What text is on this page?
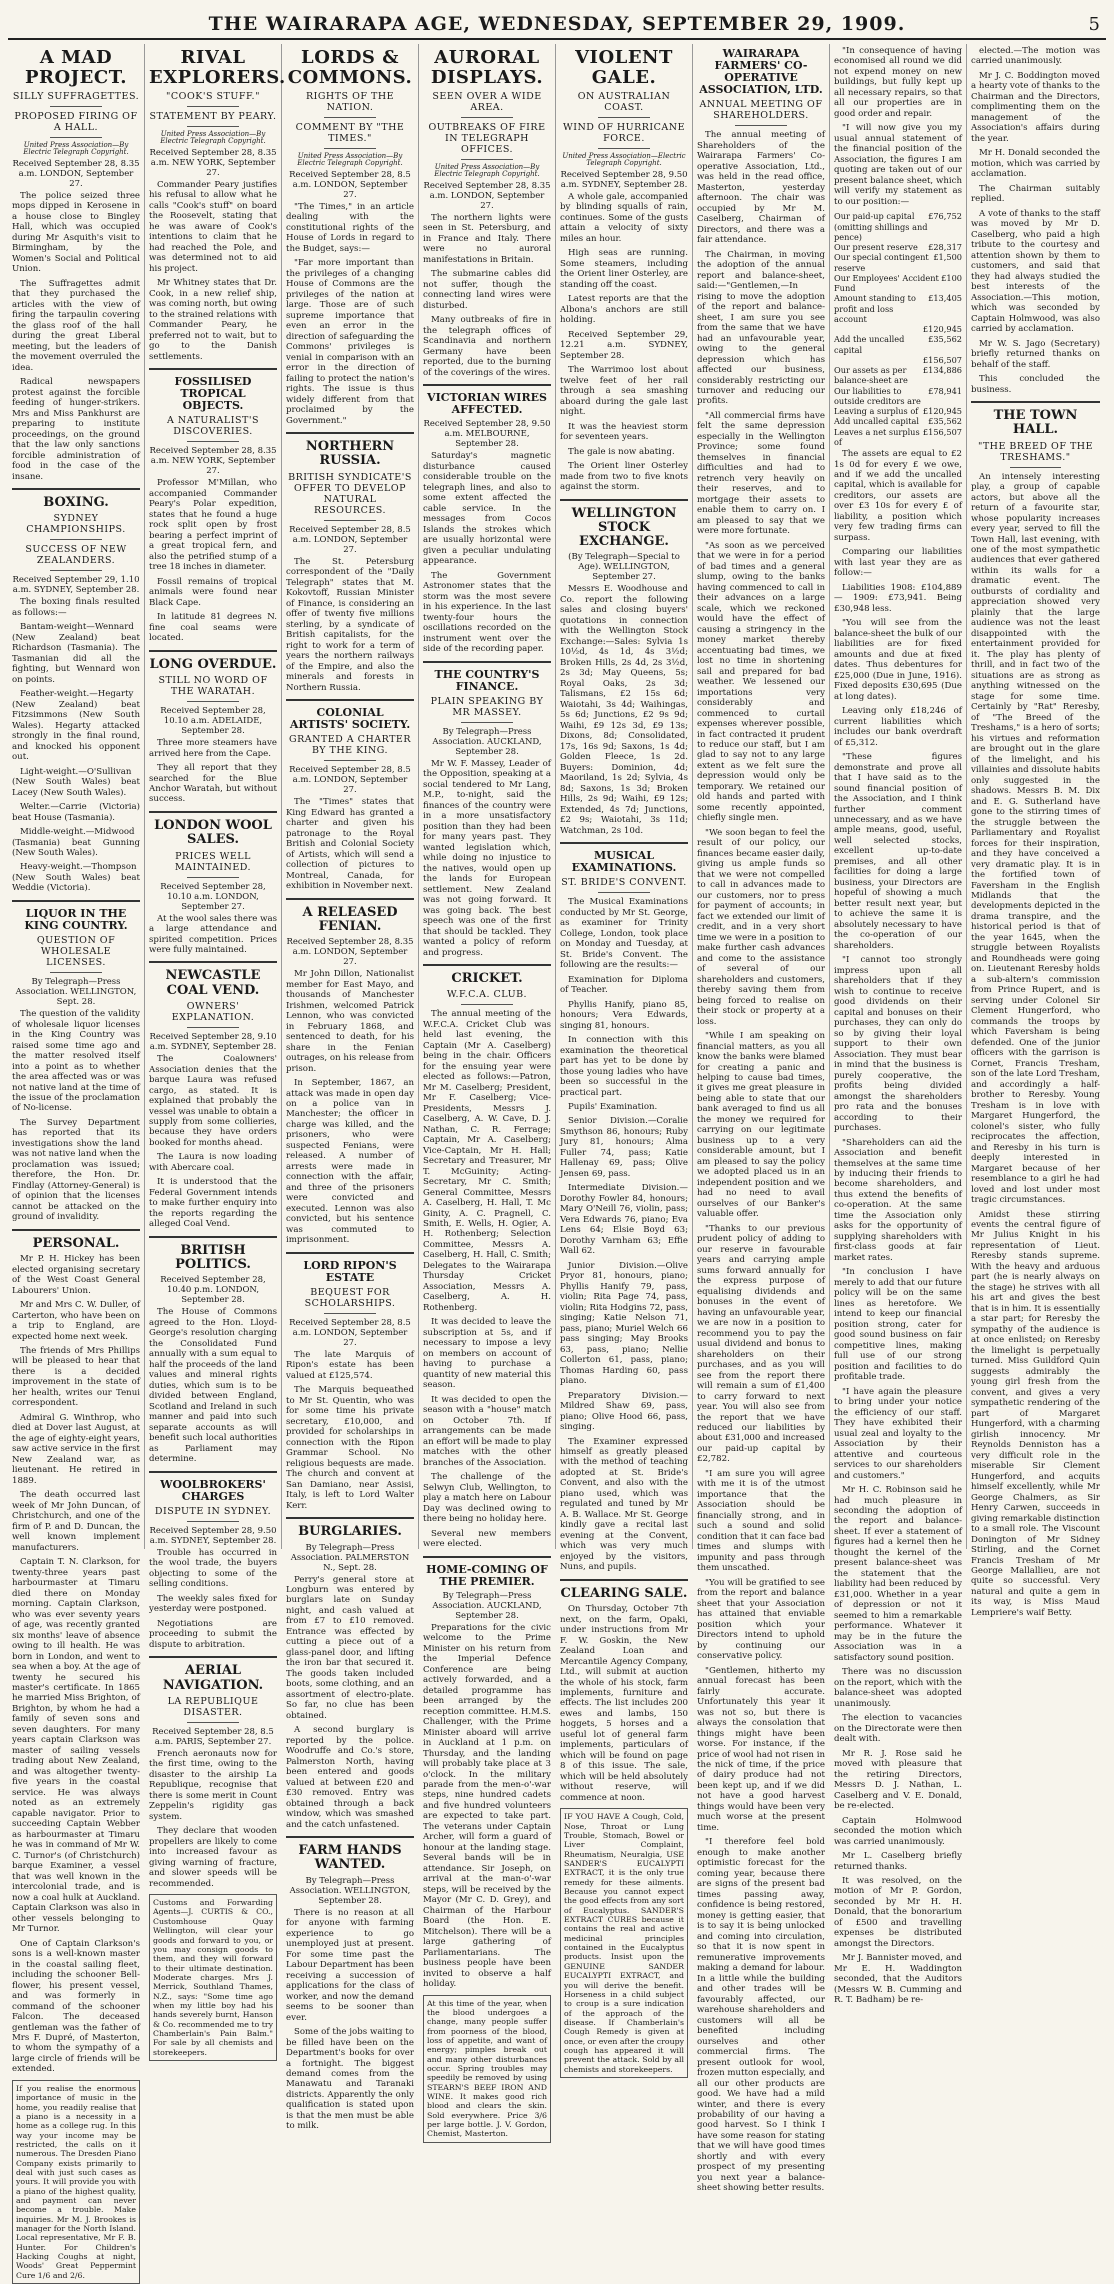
THE WAIRARAPA AGE, WEDNESDAY, SEPTEMBER 29, 1909.	5
A MAD PROJECT.
SILLY SUFFRAGETTES.
PROPOSED FIRING OF A HALL.
United Press Association—By Electric Telegraph Copyright.
Received September 28, 8.35 a.m. LONDON, September 27.

The police seized three mops dipped in Kerosene in a house close to Bingley Hall, which was occupied during Mr Asquith's visit to Birmingham, by the Women's Social and Political Union.

The Suffragettes admit that they purchased the articles with the view of firing the tarpaulin covering the glass roof of the hall during the great Liberal meeting, but the leaders of the movement overruled the idea.

Radical newspapers protest against the forcible feeding of hunger-strikers. Mrs and Miss Pankhurst are preparing to institute proceedings, on the ground that the law only sanctions forcible administration of food in the case of the insane.

BOXING.
SYDNEY CHAMPIONSHIPS.
SUCCESS OF NEW ZEALANDERS.
Received September 29, 1.10 a.m. SYDNEY, September 28.

The boxing finals resulted as follows:—

Bantam-weight—Wennard (New Zealand) beat Richardson (Tasmania). The Tasmanian did all the fighting, but Wennard won on points.

Feather-weight.—Hegarty (New Zealand) beat Fitzsimmons (New South Wales). Hegarty attacked strongly in the final round, and knocked his opponent out.

Light-weight.—O'Sullivan (New South Wales) beat Lacey (New South Wales).

Welter.—Carrie (Victoria) beat House (Tasmania).

Middle-weight.—Midwood (Tasmania) beat Gunning (New South Wales).

Heavy-weight.—Thompson (New South Wales) beat Weddie (Victoria).

LIQUOR IN THE KING COUNTRY.
QUESTION OF WHOLESALE LICENSES.
By Telegraph—Press Association. WELLINGTON, Sept. 28.

The question of the validity of wholesale liquor licenses in the King Country was raised some time ago and the matter resolved itself into a point as to whether the area affected was or was not native land at the time of the issue of the proclamation of No-license.

The Survey Department has reported that its investigations show the land was not native land when the proclamation was issued; therefore, the Hon. Dr. Findlay (Attorney-General) is of opinion that the licenses cannot be attacked on the ground of invalidity.

PERSONAL.

Mr P. H. Hickey has been elected organising secretary of the West Coast General Labourers' Union.

Mr and Mrs C. W. Duller, of Carterton, who have been on a trip to England, are expected home next week.

The friends of Mrs Phillips will be pleased to hear that there is a decided improvement in the state of her health, writes our Tenui correspondent.

Admiral G. Winthrop, who died at Dover last August, at the age of eighty-eight years, saw active service in the first New Zealand war, as lieutenant. He retired in 1889.

The death occurred last week of Mr John Duncan, of Christchurch, and one of the firm of P. and D. Duncan, the well known implement manufacturers.

Captain T. N. Clarkson, for twenty-three years past harbourmaster at Timaru died there on Monday morning. Captain Clarkson, who was ever seventy years of age, was recently granted six months' leave of absence owing to ill health. He was born in London, and went to sea when a boy. At the age of twenty he secured his master's certificate. In 1865 he married Miss Brighton, of Brighton, by whom he had a family of seven sons and seven daughters. For many years captain Clarkson was master of sailing vessels trading about New Zealand, and was altogether twenty-five years in the coastal service. He was always noted as an extremely capable navigator. Prior to succeeding Captain Webber as harbourmaster at Timaru he was in command of Mr W. C. Turnor's (of Christchurch) barque Examiner, a vessel that was well known in the intercolonial trade, and is now a coal hulk at Auckland. Captain Clarkson was also in other vessels belonging to Mr Turnor.

One of Captain Clarkson's sons is a well-known master in the coastal sailing fleet, including the schooner Bell-flower, his present vessel, and was formerly in command of the schooner Falcon. The deceased gentleman was the father of Mrs F. Dupré, of Masterton, to whom the sympathy of a large circle of friends will be extended.

If you realise the enormous importance of music in the home, you readily realise that a piano is a necessity in a home as a college rug. In this way your income may be restricted, the calls on it numerous. The Dresden Piano Company exists primarily to deal with just such cases as yours. It will provide you with a piano of the highest quality, and payment can never become a trouble. Make inquiries. Mr M. J. Brookes is manager for the North Island. Local representative, Mr F. B. Hunter. For Children's Hacking Coughs at night, Woods' Great Peppermint Cure 1/6 and 2/6.
RIVAL EXPLORERS.
"COOK'S STUFF."
STATEMENT BY PEARY.
United Press Association—By Electric Telegraph Copyright.
Received September 28, 8.35 a.m. NEW YORK, September 27.

Commander Peary justifies his refusal to allow what he calls "Cook's stuff" on board the Roosevelt, stating that he was aware of Cook's intentions to claim that he had reached the Pole, and was determined not to aid his project.

Mr Whitney states that Dr. Cook, in a new relief ship, was coming north, but owing to the strained relations with Commander Peary, he preferred not to wait, but to go to the Danish settlements.

FOSSILISED TROPICAL OBJECTS.
A NATURALIST'S DISCOVERIES.
Received September 28, 8.35 a.m. NEW YORK, September 27.

Professor M'Millan, who accompanied Commander Peary's Polar expedition, states that he found a huge rock split open by frost bearing a perfect imprint of a great tropical fern, and also the petrified stump of a tree 18 inches in diameter.

Fossil remains of tropical animals were found near Black Cape.

In latitude 81 degrees N. fine coal seams were located.

LONG OVERDUE.
STILL NO WORD OF THE WARATAH.
Received September 28, 10.10 a.m. ADELAIDE, September 28.

Three more steamers have arrived here from the Cape.

They all report that they searched for the Blue Anchor Waratah, but without success.

LONDON WOOL SALES.
PRICES WELL MAINTAINED.
Received September 28, 10.10 a.m. LONDON, September 27.

At the wool sales there was a large attendance and spirited competition. Prices were fully maintained.

NEWCASTLE COAL VEND.
OWNERS' EXPLANATION.
Received September 28, 9.10 a.m. SYDNEY, September 28.

The Coalowners' Association denies that the barque Laura was refused cargo, as stated. It is explained that probably the vessel was unable to obtain a supply from some collieries, because they have orders booked for months ahead.

The Laura is now loading with Abercare coal.

It is understood that the Federal Government intends to make further enquiry into the reports regarding the alleged Coal Vend.

BRITISH POLITICS.
Received September 28, 10.40 p.m. LONDON, September 28.

The House of Commons agreed to the Hon. Lloyd-George's resolution charging the Consolidated Fund annually with a sum equal to half the proceeds of the land values and mineral rights duties, which sum is to be divided between England, Scotland and Ireland in such manner and paid into such separate accounts as will benefit such local authorities as Parliament may determine.

WOOLBROKERS' CHARGES
DISPUTE IN SYDNEY.
Received September 28, 9.50 a.m. SYDNEY, September 28.

Trouble has occurred in the wool trade, the buyers objecting to some of the selling conditions.

The weekly sales fixed for yesterday were postponed.

Negotiations are proceeding to submit the dispute to arbitration.

AERIAL NAVIGATION.
LA REPUBLIQUE DISASTER.
Received September 28, 8.5 a.m. PARIS, September 27.

French aeronauts now for the first time, owing to the disaster to the airship La Republique, recognise that there is some merit in Count Zeppelin's rigidity gas system.

They declare that wooden propellers are likely to come into increased favour as giving warning of fracture, and slower speeds will be recommended.

Customs and Forwarding Agents—J. CURTIS & CO., Customhouse Quay Wellington, will clear your goods and forward to you, or you may consign goods to them, and they will forward to their ultimate destination. Moderate charges. Mrs J. Merrick, Southland Thames, N.Z., says: "Some time ago when my little boy had his hands severely burnt, Hanson & Co. recommended me to try Chamberlain's Pain Balm." For sale by all chemists and storekeepers.
LORDS & COMMONS.
RIGHTS OF THE NATION.
COMMENT BY "THE TIMES."
United Press Association—By Electric Telegraph Copyright.
Received September 28, 8.5 a.m. LONDON, September 27.

"The Times," in an article dealing with the constitutional rights of the House of Lords in regard to the Budget, says:—

"Far more important than the privileges of a changing House of Commons are the privileges of the nation at large. Those are of such supreme importance that even an error in the direction of safeguarding the Commons' privileges is venial in comparison with an error in the direction of failing to protect the nation's rights. The issue is thus widely different from that proclaimed by the Government."

NORTHERN RUSSIA.
BRITISH SYNDICATE'S OFFER TO DEVELOP NATURAL RESOURCES.
Received September 28, 8.5 a.m. LONDON, September 27.

The St. Petersburg correspondent of the "Daily Telegraph" states that M. Kokovtoff, Russian Minister of Finance, is considering an offer of twenty five millions sterling, by a syndicate of British capitalists, for the right to work for a term of years the northern railways of the Empire, and also the minerals and forests in Northern Russia.

COLONIAL ARTISTS' SOCIETY.
GRANTED A CHARTER BY THE KING.
Received September 28, 8.5 a.m. LONDON, September 27.

The "Times" states that King Edward has granted a charter and given his patronage to the Royal British and Colonial Society of Artists, which will send a collection of pictures to Montreal, Canada, for exhibition in November next.

A RELEASED FENIAN.
Received September 28, 8.35 a.m. LONDON, September 27.

Mr John Dillon, Nationalist member for East Mayo, and thousands of Manchester Irishmen, welcomed Patrick Lennon, who was convicted in February 1868, and sentenced to death, for his share in the Fenian outrages, on his release from prison.

In September, 1867, an attack was made in open day on a police van in Manchester; the officer in charge was killed, and the prisoners, who were suspected Fenians, were released. A number of arrests were made in connection with the affair, and three of the prisoners were convicted and executed. Lennon was also convicted, but his sentence was commuted to imprisonment.

LORD RIPON'S ESTATE
BEQUEST FOR SCHOLARSHIPS.
Received September 28, 8.5 a.m. LONDON, September 27.

The late Marquis of Ripon's estate has been valued at £125,574.

The Marquis bequeathed to Mr St. Quentin, who was for some time his private secretary, £10,000, and provided for scholarships in connection with the Ripon Grammar School. No religious bequests are made. The church and convent at San Damiano, near Assisi, Italy, is left to Lord Walter Kerr.

BURGLARIES.
By Telegraph—Press Association. PALMERSTON N., Sept. 28.

Perry's general store at Longburn was entered by burglars late on Sunday night, and cash valued at from £7 to £10 removed. Entrance was effected by cutting a piece out of a glass-panel door, and lifting the iron bar that secured it. The goods taken included boots, some clothing, and an assortment of electro-plate. So far, no clue has been obtained.

A second burglary is reported by the police. Woodruffe and Co.'s store, Palmerston North, having been entered and goods valued at between £20 and £30 removed. Entry was obtained through a back window, which was smashed and the catch unfastened.

FARM HANDS WANTED.
By Telegraph—Press Association. WELLINGTON, September 28.

There is no reason at all for anyone with farming experience to go unemployed just at present. For some time past the Labour Department has been receiving a succession of applications for the class of worker, and now the demand seems to be sooner than ever.

Some of the jobs waiting to be filled have been on the Department's books for over a fortnight. The biggest demand comes from the Manawatu and Taranaki districts. Apparently the only qualification is stated upon is that the men must be able to milk.

AURORAL DISPLAYS.
SEEN OVER A WIDE AREA.
OUTBREAKS OF FIRE IN TELEGRAPH OFFICES.
United Press Association—By Electric Telegraph Copyright.
Received September 28, 8.35 a.m. LONDON, September 27.

The northern lights were seen in St. Petersburg, and in France and Italy. There were no auroral manifestations in Britain.

The submarine cables did not suffer, though the connecting land wires were disturbed.

Many outbreaks of fire in the telegraph offices of Scandinavia and northern Germany have been reported, due to the burning of the coverings of the wires.

VICTORIAN WIRES AFFECTED.
Received September 28, 9.50 a.m. MELBOURNE, September 28.

Saturday's magnetic disturbance caused considerable trouble on the telegraph lines, and also to some extent affected the cable service. In the messages from Cocos Islands the strokes which are usually horizontal were given a peculiar undulating appearance.

The Government Astronomer states that the storm was the most severe in his experience. In the last twenty-four hours the oscillations recorded on the instrument went over the side of the recording paper.

THE COUNTRY'S FINANCE.
PLAIN SPEAKING BY MR MASSEY.
By Telegraph—Press Association. AUCKLAND, September 28.

Mr W. F. Massey, Leader of the Opposition, speaking at a social tendered to Mr Lang, M.P., to-night, said the finances of the country were in a more unsatisfactory position than they had been for many years past. They wanted legislation which, while doing no injustice to the natives, would open up the lands for European settlement. New Zealand was not going forward. It was going back. The best speech was one of the first that should be tackled. They wanted a policy of reform and progress.

CRICKET.
W.F.C.A. CLUB.

The annual meeting of the W.F.C.A. Cricket Club was held last evening, the Captain (Mr A. Caselberg) being in the chair. Officers for the ensuing year were elected as follows:—Patron, Mr M. Caselberg; President, Mr F. Caselberg; Vice-Presidents, Messrs J. Caselberg, A. W. Cave, D. J. Nathan, C. R. Ferrage; Captain, Mr A. Caselberg; Vice-Captain, Mr H. Hall; Secretary and Treasurer, Mr T. McGuinity; Acting-Secretary, Mr C. Smith; General Committee, Messrs A. Caselberg, H. Hall, T. Mc Ginity, A. C. Pragnell, C. Smith, E. Wells, H. Ogier, A. H. Rothenberg; Selection Committee, Messrs A. Caselberg, H. Hall, C. Smith; Delegates to the Wairarapa Thursday Cricket Association, Messrs A. Caselberg, A. H. Rothenberg.

It was decided to leave the subscription at 5s, and if necessary to impose a levy on members on account of having to purchase a quantity of new material this season.

It was decided to open the season with a "house" match on October 7th. If arrangements can be made an effort will be made to play matches with the other branches of the Association.

The challenge of the Selwyn Club, Wellington, to play a match here on Labour Day was declined owing to there being no holiday here.

Several new members were elected.

HOME-COMING OF THE PREMIER.
By Telegraph—Press Association. AUCKLAND, September 28.

Preparations for the civic welcome to the Prime Minister on his return from the Imperial Defence Conference are being actively forwarded, and a detailed programme has been arranged by the reception committee. H.M.S. Challenger, with the Prime Minister aboard will arrive in Auckland at 1 p.m. on Thursday, and the landing will probably take place at 3 o'clock. In the military parade from the men-o'-war steps, nine hundred cadets and five hundred volunteers are expected to take part. The veterans under Captain Archer, will form a guard of honour at the landing stage. Several bands will be in attendance. Sir Joseph, on arrival at the man-o'-war steps, will be received by the Mayor (Mr C. D. Grey), and Chairman of the Harbour Board (the Hon. E. Mitchelson). There will be a large gathering of Parliamentarians. The business people have been invited to observe a half holiday.

At this time of the year, when the blood undergoes a change, many people suffer from poorness of the blood, loss of appetite, and want of energy; pimples break out and many other disturbances occur. Spring troubles may speedily be removed by using STEARN'S BEEF IRON AND WINE. It makes good rich blood and clears the skin. Sold everywhere. Price 3/6 per large bottle. J. V. Gordon, Chemist, Masterton.
VIOLENT GALE.
ON AUSTRALIAN COAST.
WIND OF HURRICANE FORCE.
United Press Association—Electric Telegraph Copyright.
Received September 28, 9.50 a.m. SYDNEY, September 28.

A whole gale, accompanied by blinding squalls of rain, continues. Some of the gusts attain a velocity of sixty miles an hour.

High seas are running. Some steamers, including the Orient liner Osterley, are standing off the coast.

Latest reports are that the Albona's anchors are still holding.

Received September 29, 12.21 a.m. SYDNEY, September 28.

The Warrimoo lost about twelve feet of her rail through a sea smashing aboard during the gale last night.

It was the heaviest storm for seventeen years.

The gale is now abating.

The Orient liner Osterley made from two to five knots against the storm.

WELLINGTON STOCK EXCHANGE.
(By Telegraph—Special to Age). WELLINGTON, September 27.

Messrs E. Woodhouse and Co. report the following sales and closing buyers' quotations in connection with the Wellington Stock Exchange:—Sales: Sylvia 1s 10½d, 4s 1d, 4s 3½d; Broken Hills, 2s 4d, 2s 3½d, 2s 3d; May Queens, 5s; Royal Oaks, 2s 3d; Talismans, £2 15s 6d; Waiotahi, 3s 4d; Waihingas, 5s 6d; Junctions, £2 9s 9d; Waihi, £9 12s 3d, £9 13s; Dixons, 8d; Consolidated, 17s, 16s 9d; Saxons, 1s 4d; Golden Fleece, 1s 2d. Buyers: Dominion, 4d; Maoriland, 1s 2d; Sylvia, 4s 8d; Saxons, 1s 3d; Broken Hills, 2s 9d; Waihi, £9 12s; Extended, 4s 7d; Junctions, £2 9s; Waiotahi, 3s 11d; Watchman, 2s 10d.

MUSICAL EXAMINATIONS.
ST. BRIDE'S CONVENT.

The Musical Examinations conducted by Mr St. George, as examiner for Trinity College, London, took place on Monday and Tuesday, at St. Bride's Convent. The following are the results:—

Examination for Diploma of Teacher.

Phyllis Hanify, piano 85, honours; Vera Edwards, singing 81, honours.

In connection with this examination the theoretical part has yet to be done by those young ladies who have been so successful in the practical part.

Pupils' Examination.

Senior Division.—Coralie Smythson 86, honours; Ruby Jury 81, honours; Alma Fuller 74, pass; Katie Hallenay 69, pass; Olive Jensen 69, pass.

Intermediate Division.—Dorothy Fowler 84, honours; Mary O'Neill 76, violin, pass; Vera Edwards 76, piano; Eva Lens 64; Elsie Boyd 63; Dorothy Varnham 63; Effie Wall 62.

Junior Division.—Olive Pryor 81, honours, piano; Phyllis Hanify 79, pass, violin; Rita Page 74, pass, violin; Rita Hodgins 72, pass, singing; Katie Nelson 71, pass, piano; Muriel Welch 66 pass singing; May Brooks 63, pass, piano; Nellie Collerton 61, pass, piano; Thomas Harding 60, pass piano.

Preparatory Division.—Mildred Shaw 69, pass, piano; Olive Hood 66, pass, singing.

The Examiner expressed himself as greatly pleased with the method of teaching adopted at St. Bride's Convent, and also with the piano used, which was regulated and tuned by Mr A. B. Wallace. Mr St. George kindly gave a recital last evening at the Convent, which was very much enjoyed by the visitors, Nuns, and pupils.

CLEARING SALE.

On Thursday, October 7th next, on the farm, Opaki, under instructions from Mr F. W. Goskin, the New Zealand Loan and Mercantile Agency Company, Ltd., will submit at auction the whole of his stock, farm implements, furniture and effects. The list includes 200 ewes and lambs, 150 hoggets, 5 horses and a useful lot of general farm implements, particulars of which will be found on page 8 of this issue. The sale, which will be held absolutely without reserve, will commence at noon.

IF YOU HAVE A Cough, Cold, Nose, Throat or Lung Trouble, Stomach, Bowel or Liver Complaint, Rheumatism, Neuralgia, USE SANDER'S EUCALYPTI EXTRACT, it is the only true remedy for these ailments. Because you cannot expect the good effects from any sort of Eucalyptus. SANDER'S EXTRACT CURES because it contains the real and active medicinal principles contained in the Eucalyptus products. Insist upon the GENUINE SANDER EUCALYPTI EXTRACT, and you will derive the benefit. Horseness in a child subject to croup is a sure indication of the approach of the disease. If Chamberlain's Cough Remedy is given at once, or even after the croupy cough has appeared it will prevent the attack. Sold by all chemists and storekeepers.
WAIRARAPA FARMERS' CO-OPERATIVE ASSOCIATION, LTD.
ANNUAL MEETING OF SHAREHOLDERS.

The annual meeting of Shareholders of the Wairarapa Farmers' Co-operative Association, Ltd., was held in the read office, Masterton, yesterday afternoon. The chair was occupied by Mr M. Caselberg, Chairman of Directors, and there was a fair attendance.

The Chairman, in moving the adoption of the annual report and balance-sheet, said:—"Gentlemen,—In rising to move the adoption of the report and balance-sheet, I am sure you see from the same that we have had an unfavourable year, owing to the general depression which has affected our business, considerably restricting our turnover and reducing our profits.

"All commercial firms have felt the same depression especially in the Wellington Province; some found themselves in financial difficulties and had to retrench very heavily on their reserves, and to mortgage their assets to enable them to carry on. I am pleased to say that we were more fortunate.

"As soon as we perceived that we were in for a period of bad times and a general slump, owing to the banks having commenced to call in their advances on a large scale, which we reckoned would have the effect of causing a stringency in the money market thereby accentuating bad times, we lost no time in shortening sail and prepared for bad weather. We lessened our importations very considerably and commenced to curtail expenses wherever possible, in fact contracted it prudent to reduce our staff, but I am glad to say not to any large extent as we felt sure the depression would only be temporary. We retained our old hands and parted with some recently appointed, chiefly single men.

"We soon began to feel the result of our policy, our finances became easier daily, giving us ample funds so that we were not compelled to call in advances made to our customers, nor to press for payment of accounts; in fact we extended our limit of credit, and in a very short time we were in a position to make further cash advances and come to the assistance of several of our shareholders and customers, thereby saving them from being forced to realise on their stock or property at a loss.

"While I am speaking on financial matters, as you all know the banks were blamed for creating a panic and helping to cause bad times, it gives me great pleasure in being able to state that our bank averaged to find us all the money we required for carrying on our legitimate business up to a very considerable amount, but I am pleased to say the policy we adopted placed us in an independent position and we had no need to avail ourselves of our Banker's valuable offer.

"Thanks to our previous prudent policy of adding to our reserve in favourable years and carrying ample sums forward annually for the express purpose of equalising dividends and bonuses in the event of having an unfavourable year, we are now in a position to recommend you to pay the usual dividend and bonus to shareholders on their purchases, and as you will see from the report there will remain a sum of £1,400 to carry forward to next year. You will also see from the report that we have reduced our liabilities by about £31,000 and increased our paid-up capital by £2,782.

"I am sure you will agree with me it is of the utmost importance that the Association should be financially strong, and in such a sound and solid condition that it can face bad times and slumps with impunity and pass through them unscathed.

"You will be gratified to see from the report and balance sheet that your Association has attained that enviable position which your Directors intend to uphold by continuing our conservative policy.

"Gentlemen, hitherto my annual forecast has been fairly accurate. Unfortunately this year it was not so, but there is always the consolation that things might have been worse. For instance, if the price of wool had not risen in the nick of time, if the price of dairy produce had not been kept up, and if we did not have a good harvest things would have been very much worse at the present time.

"I therefore feel bold enough to make another optimistic forecast for the coming year, because there are signs of the present bad times passing away, confidence is being restored, money is getting easier, that is to say it is being unlocked and coming into circulation, so that it is now spent in remunerative improvements making a demand for labour. In a little while the building and other trades will be favourably affected, our warehouse shareholders and customers will all be benefited including ourselves and other commercial firms. The present outlook for wool, frozen mutton especially, and all our other products are good. We have had a mild winter, and there is every probability of our having a good harvest. So I think I have some reason for stating that we will have good times shortly and with every prospect of my presenting you next year a balance-sheet showing better results.

"In consequence of having economised all round we did not expend money on new buildings, but fully kept up all necessary repairs, so that all our properties are in good order and repair.

"I will now give you my usual annual statement of the financial position of the Association, the figures I am quoting are taken out of our present balance sheet, which will verify my statement as to our position:—

Our paid-up capital (omitting shillings and pence)
£76,752
Our present reserve £28,317
Our special contingent reserve
£1,500
Our Employees' Accident Fund
£100
Amount standing to profit and loss account
£13,405
£120,945
Add the uncalled capital
£35,562
£156,507
Our assets as per balance-sheet are
£134,886
Our liabilities to outside creditors are
£78,941
Leaving a surplus of £120,945
Add uncalled capital £35,562
Leaves a net surplus of
£156,507

The assets are equal to £2 1s 0d for every £ we owe, and if we add the uncalled capital, which is available for creditors, our assets are over £3 10s for every £ of liability, a position which very few trading firms can surpass.

Comparing our liabilities with last year they are as follow:—

Liabilities 1908: £104,889 — 1909: £73,941. Being £30,948 less.

"You will see from the balance-sheet the bulk of our liabilities are for fixed amounts and due at fixed dates. Thus debentures for £25,000 (Due in June, 1916). Fixed deposits £30,695 (Due at long dates).

Leaving only £18,246 of current liabilities which includes our bank overdraft of £5,312.

"These figures demonstrate and prove all that I have said as to the sound financial position of the Association, and I think further comment unnecessary, and as we have ample means, good, useful, well selected stocks, excellent up-to-date premises, and all other facilities for doing a large business, your Directors are hopeful of showing a much better result next year, but to achieve the same it is absolutely necessary to have the co-operation of our shareholders.

"I cannot too strongly impress upon all shareholders that if they wish to continue to receive good dividends on their capital and bonuses on their purchases, they can only do so by giving their loyal support to their own Association. They must bear in mind that the business is purely cooperative, the profits being divided amongst the shareholders pro rata and the bonuses according to their purchases.

"Shareholders can aid the Association and benefit themselves at the same time by inducing their friends to become shareholders, and thus extend the benefits of co-operation. At the same time the Association only asks for the opportunity of supplying shareholders with first-class goods at fair market rates.

"In conclusion I have merely to add that our future policy will be on the same lines as heretofore. We intend to keep our financial position strong, cater for good sound business on fair competitive lines, making full use of our strong position and facilities to do profitable trade.

"I have again the pleasure to bring under your notice the efficiency of our staff. They have exhibited their usual zeal and loyalty to the Association by their attentive and courteous services to our shareholders and customers."

Mr H. C. Robinson said he had much pleasure in seconding the adoption of the report and balance-sheet. If ever a statement of figures had a kernel then he thought the kernel of the present balance-sheet was the statement that the liability had been reduced by £31,000. Whether in a year of depression or not it seemed to him a remarkable performance. Whatever it may be in the future the Association was in a satisfactory sound position.

There was no discussion on the report, which with the balance-sheet was adopted unanimously.

The election to vacancies on the Directorate were then dealt with.

Mr R. J. Rose said he moved with pleasure that the retiring Directors, Messrs D. J. Nathan, L. Caselberg and V. E. Donald, be re-elected.

Captain Holmwood seconded the motion which was carried unanimously.

Mr L. Caselberg briefly returned thanks.

It was resolved, on the motion of Mr P. Gordon, seconded by Mr H. H. Donald, that the bonorarium of £500 and travelling expenses be distributed amongst the Directors.

Mr J. Bannister moved, and Mr E. H. Waddington seconded, that the Auditors (Messrs W. B. Cumming and R. T. Badham) be re-

elected.—The motion was carried unanimously.

Mr J. C. Boddington moved a hearty vote of thanks to the Chairman and the Directors, complimenting them on the management of the Association's affairs during the year.

Mr H. Donald seconded the motion, which was carried by acclamation.

The Chairman suitably replied.

A vote of thanks to the staff was moved by Mr D. Caselberg, who paid a high tribute to the courtesy and attention shown by them to customers, and said that they had always studied the best interests of the Association.—This motion, which was seconded by Captain Holmwood, was also carried by acclamation.

Mr W. S. Jago (Secretary) briefly returned thanks on behalf of the staff.

This concluded the business.

THE TOWN HALL.
"THE BREED OF THE TRESHAMS."

An intensely interesting play, a group of capable actors, but above all the return of a favourite star, whose popularity increases every year, served to fill the Town Hall, last evening, with one of the most sympathetic audiences that ever gathered within its walls for a dramatic event. The outbursts of cordiality and appreciation showed very plainly that the large audience was not the least disappointed with the entertainment provided for it. The play has plenty of thrill, and in fact two of the situations are as strong as anything witnessed on the stage for some time. Certainly by "Rat" Reresby, of "The Breed of the Treshams," is a hero of sorts; his virtues and reformation are brought out in the glare of the limelight, and his villainies and dissolute habits only suggested in the shadows. Messrs B. M. Dix and E. G. Sutherland have gone to the stirring times of the struggle between the Parliamentary and Royalist forces for their inspiration, and they have conceived a very dramatic play. It is in the fortified town of Faversham in the English Midlands that the developments depicted in the drama transpire, and the historical period is that of the year 1645, when the struggle between Royalists and Roundheads were going on. Lieutenant Reresby holds a sub-altern's commission from Prince Rupert, and is serving under Colonel Sir Clement Hungerford, who commands the troops by which Faversham is being defended. One of the junior officers with the garrison is Cornet, Francis Tresham, son of the late Lord Tresham, and accordingly a half-brother to Reresby. Young Tresham is in love with Margaret Hungerford, the colonel's sister, who fully reciprocates the affection, and Reresby in his turn is deeply interested in Margaret because of her resemblance to a girl he had loved and lost under most tragic circumstances.

Amidst these stirring events the central figure of Mr Julius Knight in his representation of Lieut. Reresby stands supreme. With the heavy and arduous part (he is nearly always on the stage) he strives with all his art and gives the best that is in him. It is essentially a star part; for Reresby the sympathy of the audience is at once enlisted; on Reresby the limelight is perpetually turned. Miss Guildford Quin suggests admirably the young girl fresh from the convent, and gives a very sympathetic rendering of the part of Margaret Hungerford, with a charming girlish innocency. Mr Reynolds Denniston has a very difficult role in the miserable Sir Clement Hungerford, and acquits himself excellently, while Mr George Chalmers, as Sir Henry Carwen, succeeds in giving remarkable distinction to a small role. The Viscount Donington of Mr Sidney Stirling, and the Cornet Francis Tresham of Mr George Mallallieu, are not quite so successful. Very natural and quite a gem in its way, is Miss Maud Lempriere's waif Betty.
